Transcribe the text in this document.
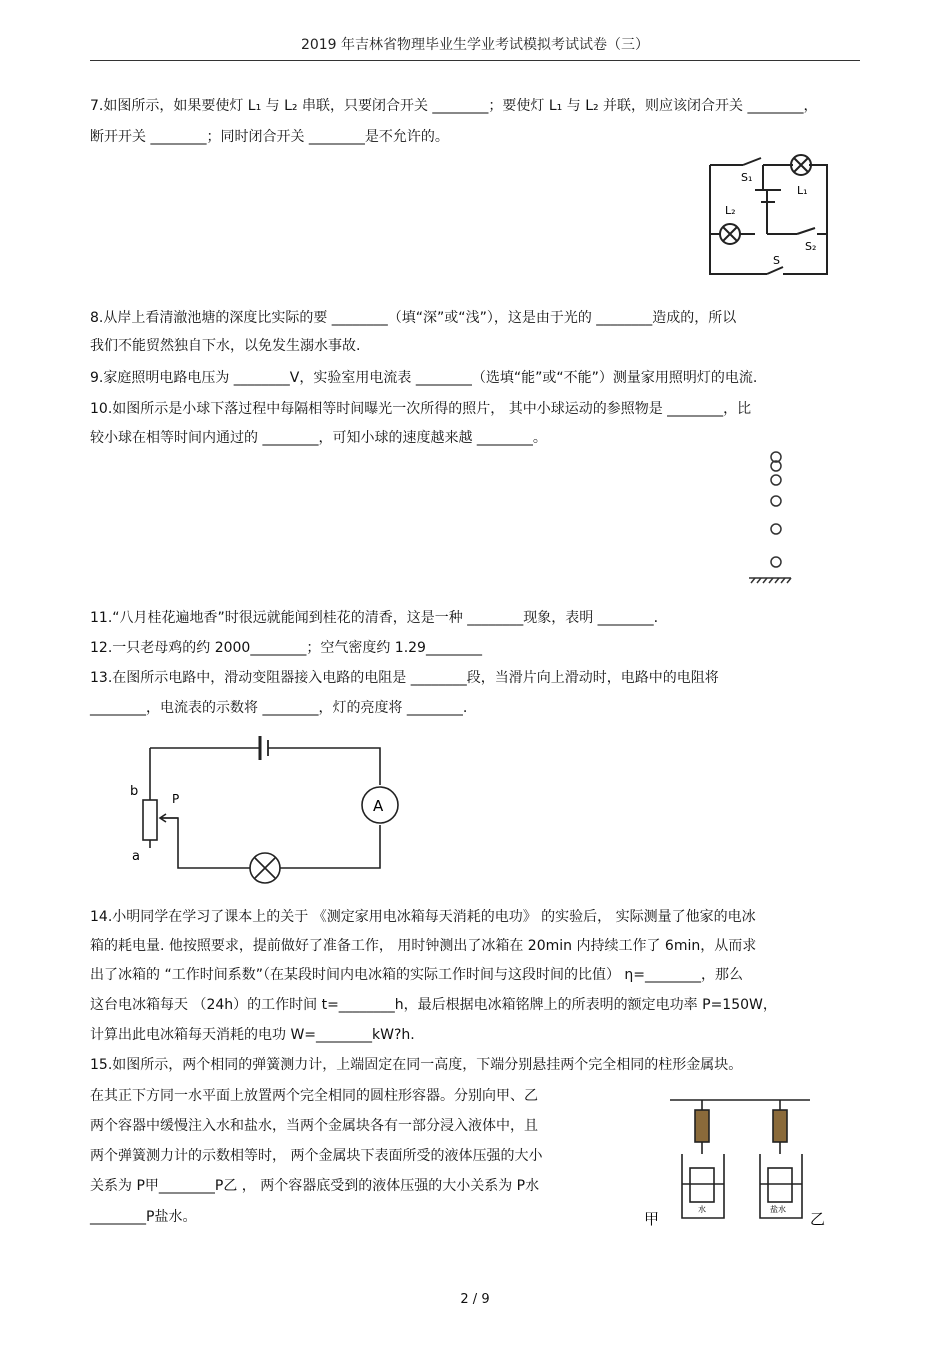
2019 年吉林省物理毕业生学业考试模拟考试试卷（三）
7.如图所示，如果要使灯 L₁ 与 L₂ 串联，只要闭合开关 ________；要使灯 L₁ 与 L₂ 并联，则应该闭合开关 ________，
断开开关 ________；同时闭合开关 ________是不允许的。
S₁
L₁
L₂
S₂
S
8.从岸上看清澈池塘的深度比实际的要 ________（填“深”或“浅”），这是由于光的 ________造成的，所以
我们不能贸然独自下水，以免发生溺水事故.
9.家庭照明电路电压为 ________V，实验室用电流表 ________（选填“能”或“不能”）测量家用照明灯的电流.
10.如图所示是小球下落过程中每隔相等时间曝光一次所得的照片， 其中小球运动的参照物是 ________，比
较小球在相等时间内通过的 ________，可知小球的速度越来越 ________。
11.“八月桂花遍地香”时很远就能闻到桂花的清香，这是一种 ________现象，表明 ________.
12.一只老母鸡的约 2000________；空气密度约 1.29________
13.在图所示电路中，滑动变阻器接入电路的电阻是 ________段，当滑片向上滑动时，电路中的电阻将
________，电流表的示数将 ________，灯的亮度将 ________.
b	P
a
A
14.小明同学在学习了课本上的关于 《测定家用电冰箱每天消耗的电功》 的实验后， 实际测量了他家的电冰
箱的耗电量. 他按照要求，提前做好了准备工作， 用时钟测出了冰箱在 20min 内持续工作了 6min，从而求
出了冰箱的 “工作时间系数”（在某段时间内电冰箱的实际工作时间与这段时间的比值） η=________，那么
这台电冰箱每天 （24h）的工作时间 t=________h，最后根据电冰箱铭牌上的所表明的额定电功率 P=150W，
计算出此电冰箱每天消耗的电功 W=________kW?h.
15.如图所示，两个相同的弹簧测力计，上端固定在同一高度，下端分别悬挂两个完全相同的柱形金属块。
在其正下方同一水平面上放置两个完全相同的圆柱形容器。分别向甲、乙
两个容器中缓慢注入水和盐水，当两个金属块各有一部分浸入液体中，且
两个弹簧测力计的示数相等时， 两个金属块下表面所受的液体压强的大小
关系为 P甲________P乙 ， 两个容器底受到的液体压强的大小关系为 P水
________P盐水。	甲	乙
水	盐水
2 / 9
